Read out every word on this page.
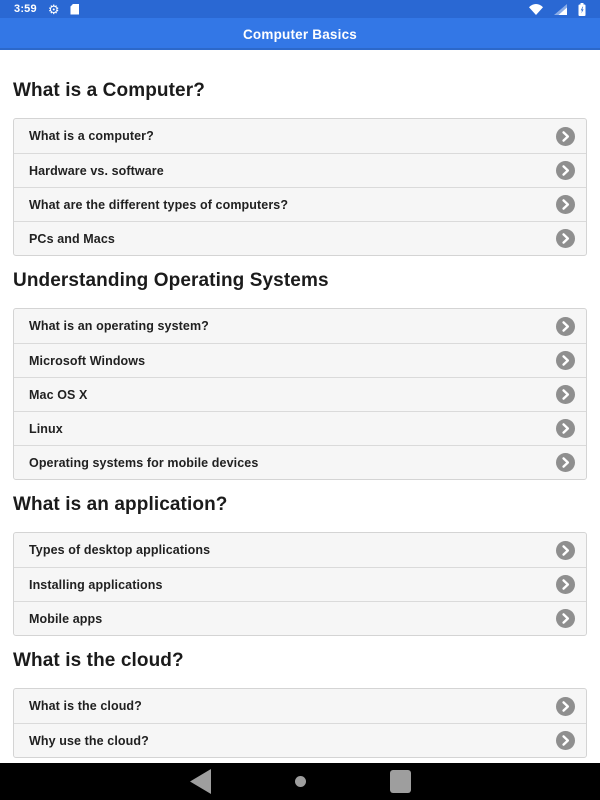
3:59 ⚙
Computer Basics
What is a Computer?
What is a computer?
Hardware vs. software
What are the different types of computers?
PCs and Macs
Understanding Operating Systems
What is an operating system?
Microsoft Windows
Mac OS X
Linux
Operating systems for mobile devices
What is an application?
Types of desktop applications
Installing applications
Mobile apps
What is the cloud?
What is the cloud?
Why use the cloud?
